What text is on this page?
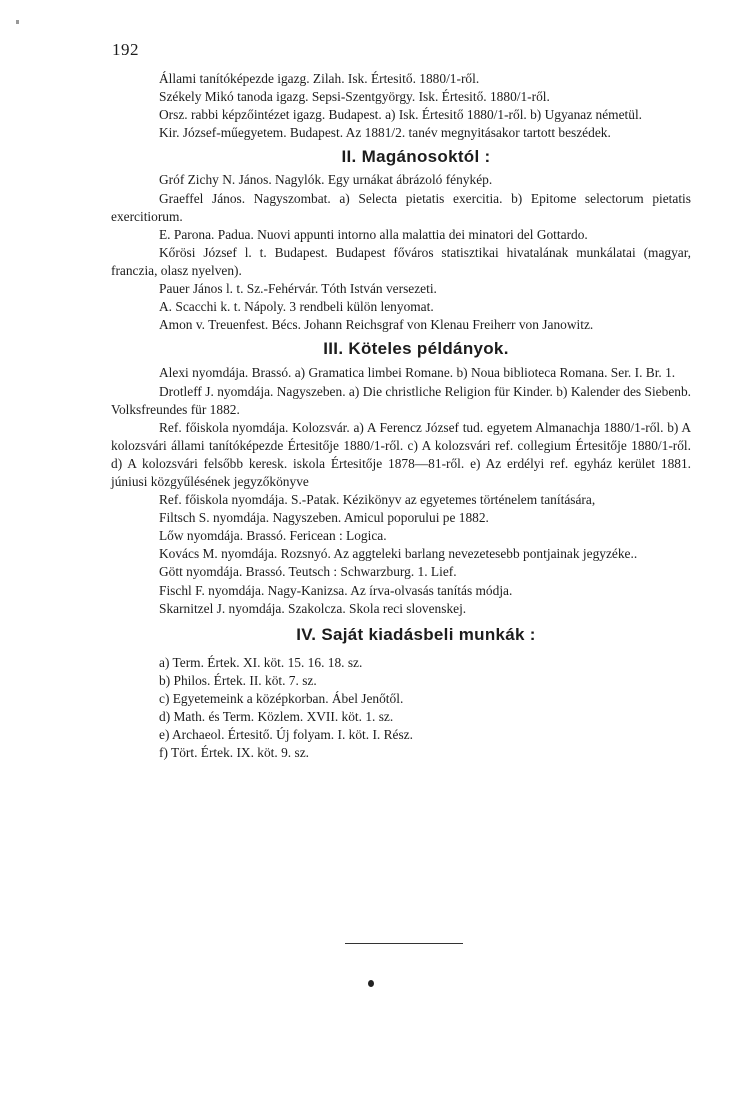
192

Állami tanítóképezde igazg. Zilah. Isk. Értesitő. 1880/1-ről.

Székely Mikó tanoda igazg. Sepsi-Szentgyörgy. Isk. Értesitő. 1880/1-ről.

Orsz. rabbi képzőintézet igazg. Budapest. a) Isk. Értesitő 1880/1-ről. b) Ugyanaz németül.

Kir. József-műegyetem. Budapest. Az 1881/2. tanév megnyitásakor tartott beszédek.

II. Magánosoktól :

Gróf Zichy N. János. Nagylók. Egy urnákat ábrázoló fénykép.

Graeffel János. Nagyszombat. a) Selecta pietatis exercitia. b) Epitome selectorum pietatis exercitiorum.

E. Parona. Padua. Nuovi appunti intorno alla malattia dei minatori del Gottardo.

Kőrösi József l. t. Budapest. Budapest főváros statisztikai hivatalának munkálatai (magyar, franczia, olasz nyelven).

Pauer János l. t. Sz.-Fehérvár. Tóth István versezeti.

A. Scacchi k. t. Nápoly. 3 rendbeli külön lenyomat.

Amon v. Treuenfest. Bécs. Johann Reichsgraf von Klenau Freiherr von Janowitz.

III. Köteles példányok.

Alexi nyomdája. Brassó. a) Gramatica limbei Romane. b) Noua biblioteca Romana. Ser. I. Br. 1.

Drotleff J. nyomdája. Nagyszeben. a) Die christliche Religion für Kinder. b) Kalender des Siebenb. Volksfreundes für 1882.

Ref. főiskola nyomdája. Kolozsvár. a) A Ferencz József tud. egyetem Almanachja 1880/1-ről. b) A kolozsvári állami tanítóképezde Értesitője 1880/1-ről. c) A kolozsvári ref. collegium Értesitője 1880/1-ről. d) A kolozsvári felsőbb keresk. iskola Értesitője 1878—81-ről. e) Az erdélyi ref. egyház kerület 1881. júniusi közgyűlésének jegyzőkönyve

Ref. főiskola nyomdája. S.-Patak. Kézikönyv az egyetemes történelem tanítására,

Filtsch S. nyomdája. Nagyszeben. Amicul poporului pe 1882.

Lőw nyomdája. Brassó. Fericean : Logica.

Kovács M. nyomdája. Rozsnyó. Az aggteleki barlang nevezetesebb pontjainak jegyzéke..

Gött nyomdája. Brassó. Teutsch : Schwarzburg. 1. Lief.

Fischl F. nyomdája. Nagy-Kanizsa. Az írva-olvasás tanítás módja.

Skarnitzel J. nyomdája. Szakolcza. Skola reci slovenskej.

IV. Saját kiadásbeli munkák :

a) Term. Értek. XI. köt. 15. 16. 18. sz.

b) Philos. Értek. II. köt. 7. sz.

c) Egyetemeink a középkorban. Ábel Jenőtől.

d) Math. és Term. Közlem. XVII. köt. 1. sz.

e) Archaeol. Értesitő. Új folyam. I. köt. I. Rész.

f) Tört. Értek. IX. köt. 9. sz.
